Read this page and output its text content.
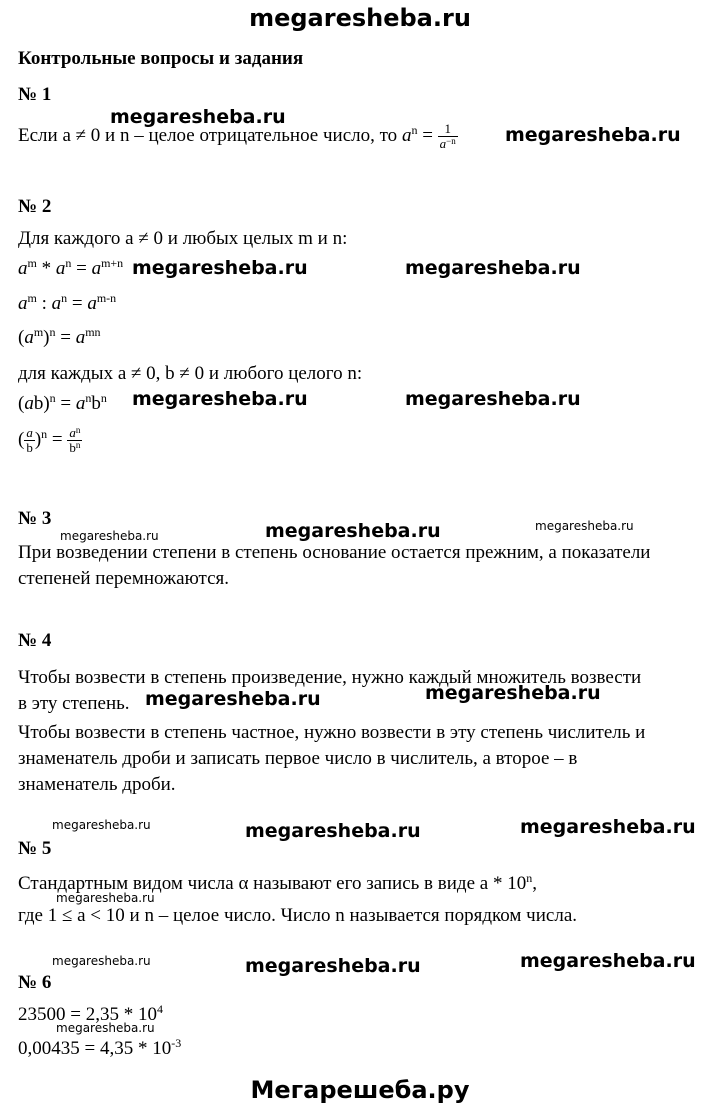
megaresheba.ru
Контрольные вопросы и задания
№ 1
megaresheba.ru
Если a ≠ 0 и n – целое отрицательное число, то $a^n = \frac{1}{a^{-n}}$ megaresheba.ru
№ 2
Для каждого a ≠ 0 и любых целых m и n:
$a^m * a^n = a^{m+n}$ megaresheba.ru	megaresheba.ru
$a^m$ : $a^n = a^{m-n}$
$(a^m)^n = a^{mn}$
для каждых a ≠ 0, b ≠ 0 и любого целого n:
$(ab)^n = a^nb^n$ megaresheba.ru	megaresheba.ru
( $\frac{a}{b} )^n = \frac{a^n}{b^n}$
№ 3
megaresheba.ru	megaresheba.ru	megaresheba.ru
При возведении степени в степень основание остается прежним, а показатели
степеней перемножаются.
№ 4
Чтобы возвести в степень произведение, нужно каждый множитель возвести
в эту степень. megaresheba.ru	megaresheba.ru
Чтобы возвести в степень частное, нужно возвести в эту степень числитель и
знаменатель дроби и записать первое число в числитель, а второе – в
знаменатель дроби.
megaresheba.ru	megaresheba.ru	megaresheba.ru
№ 5
Стандартным видом числа α называют его запись в виде a * 10$^n$,
megaresheba.ru
где 1 ≤ a < 10 и n – целое число. Число n называется порядком числа.
megaresheba.ru	megaresheba.ru	megaresheba.ru
№ 6
$23500 = 2,35 * 10^4$
megaresheba.ru
$0,00435 = 4,35 * 10^{-3}$
Мегарешеба.ру
